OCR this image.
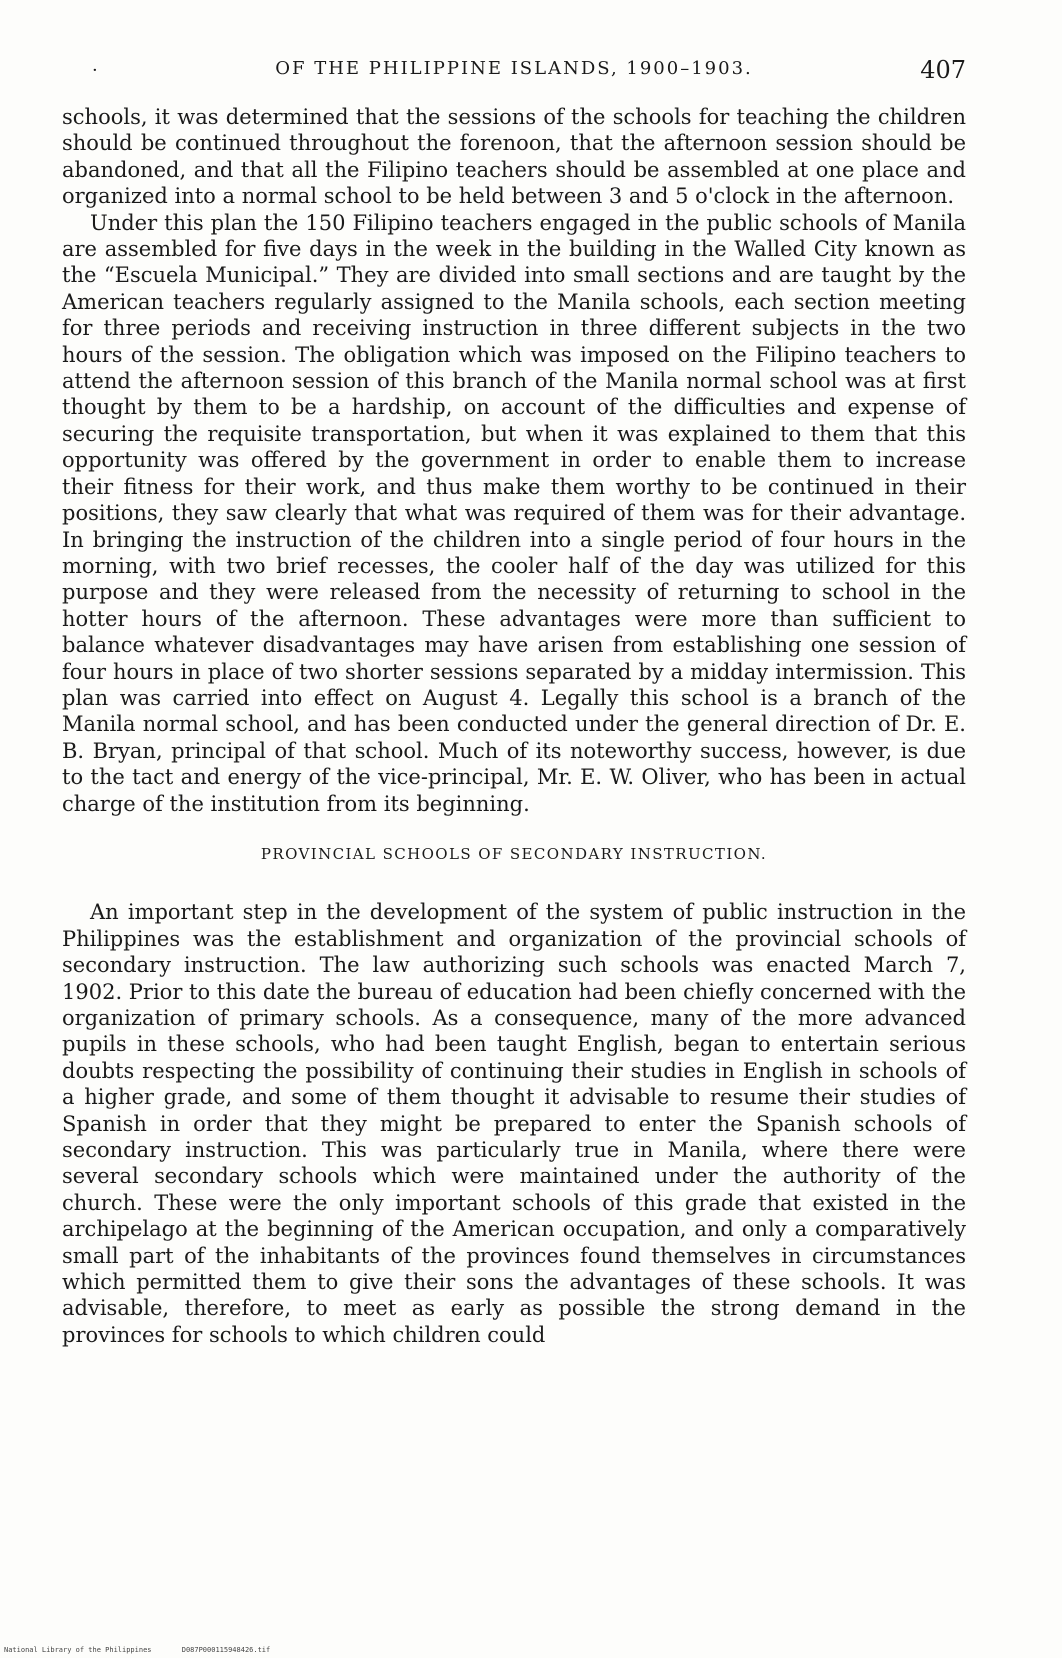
·	OF THE PHILIPPINE ISLANDS, 1900–1903.	407

schools, it was determined that the sessions of the schools for teaching the children should be continued throughout the forenoon, that the afternoon session should be abandoned, and that all the Filipino teachers should be assembled at one place and organized into a normal school to be held between 3 and 5 o'clock in the afternoon.

Under this plan the 150 Filipino teachers engaged in the public schools of Manila are assembled for five days in the week in the building in the Walled City known as the “Escuela Municipal.” They are divided into small sections and are taught by the American teachers regularly assigned to the Manila schools, each section meeting for three periods and receiving instruction in three different subjects in the two hours of the session. The obligation which was imposed on the Filipino teachers to attend the afternoon session of this branch of the Manila normal school was at first thought by them to be a hardship, on account of the difficulties and expense of securing the requisite transportation, but when it was explained to them that this opportunity was offered by the government in order to enable them to increase their fitness for their work, and thus make them worthy to be continued in their positions, they saw clearly that what was required of them was for their advantage. In bringing the instruction of the children into a single period of four hours in the morning, with two brief recesses, the cooler half of the day was utilized for this purpose and they were released from the necessity of returning to school in the hotter hours of the afternoon. These advantages were more than sufficient to balance whatever disadvantages may have arisen from establishing one session of four hours in place of two shorter sessions separated by a midday intermission. This plan was carried into effect on August 4. Legally this school is a branch of the Manila normal school, and has been conducted under the general direction of Dr. E. B. Bryan, principal of that school. Much of its noteworthy success, however, is due to the tact and energy of the vice-principal, Mr. E. W. Oliver, who has been in actual charge of the institution from its beginning.

PROVINCIAL SCHOOLS OF SECONDARY INSTRUCTION.

An important step in the development of the system of public instruction in the Philippines was the establishment and organization of the provincial schools of secondary instruction. The law authorizing such schools was enacted March 7, 1902. Prior to this date the bureau of education had been chiefly concerned with the organization of primary schools. As a consequence, many of the more advanced pupils in these schools, who had been taught English, began to entertain serious doubts respecting the possibility of continuing their studies in English in schools of a higher grade, and some of them thought it advisable to resume their studies of Spanish in order that they might be prepared to enter the Spanish schools of secondary instruction. This was particularly true in Manila, where there were several secondary schools which were maintained under the authority of the church. These were the only important schools of this grade that existed in the archipelago at the beginning of the American occupation, and only a comparatively small part of the inhabitants of the provinces found themselves in circumstances which permitted them to give their sons the advantages of these schools. It was advisable, therefore, to meet as early as possible the strong demand in the provinces for schools to which children could

National Library of the Philippines	D087P000115948426.tif
